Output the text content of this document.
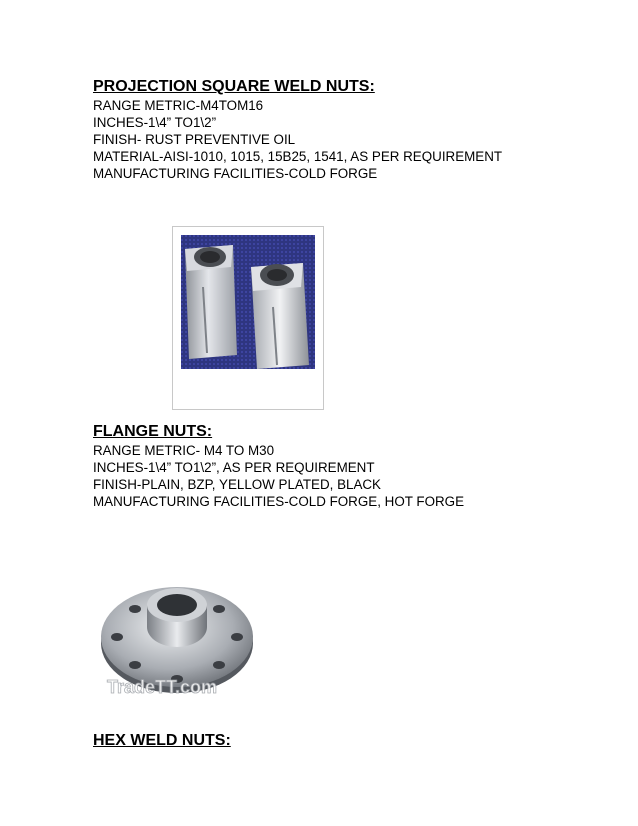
PROJECTION SQUARE WELD NUTS:
RANGE METRIC-M4TOM16
INCHES-1\4” TO1\2”
FINISH- RUST PREVENTIVE OIL
MATERIAL-AISI-1010, 1015, 15B25, 1541, AS PER REQUIREMENT
MANUFACTURING FACILITIES-COLD FORGE
FLANGE NUTS:
RANGE METRIC- M4 TO M30
INCHES-1\4” TO1\2”, AS PER REQUIREMENT
FINISH-PLAIN, BZP, YELLOW PLATED, BLACK
MANUFACTURING FACILITIES-COLD FORGE, HOT FORGE
TradeTT.com
HEX WELD NUTS:
